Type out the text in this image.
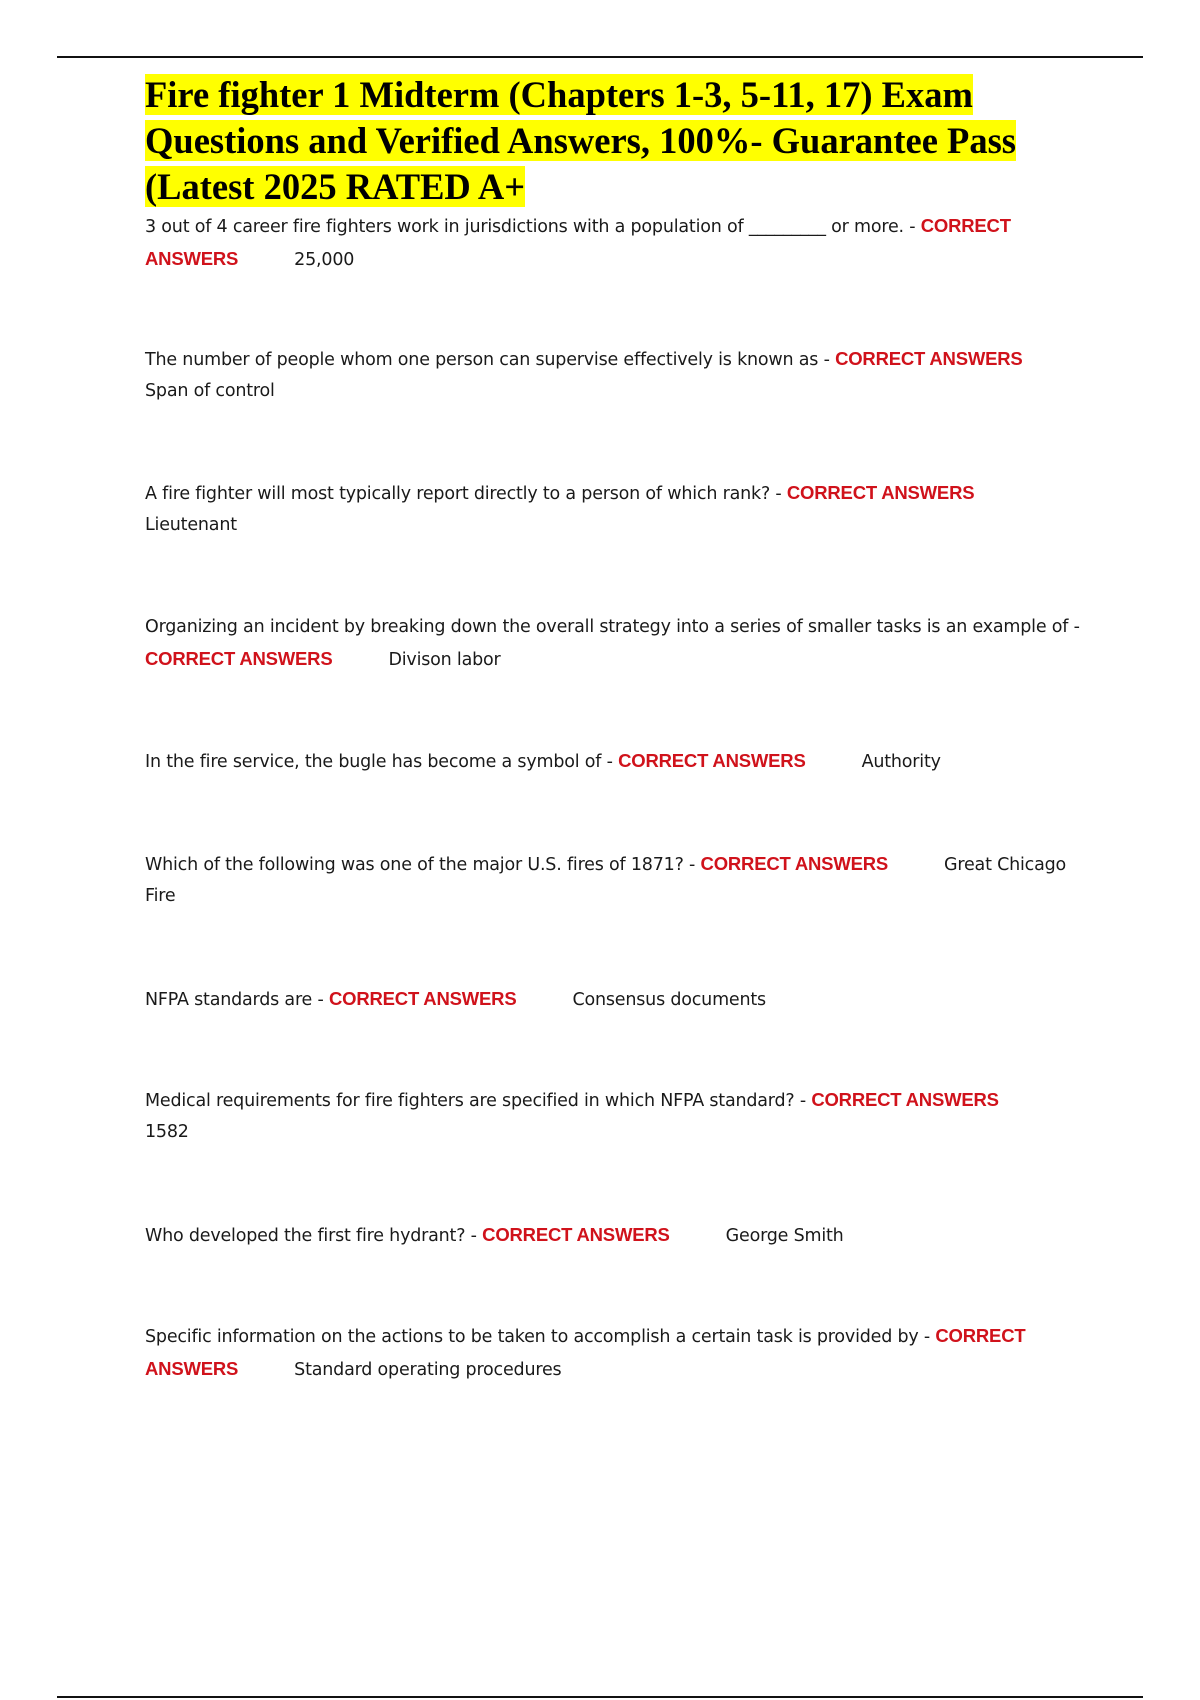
Fire fighter 1 Midterm (Chapters 1-3, 5-11, 17) Exam Questions and Verified Answers, 100%- Guarantee Pass (Latest 2025 RATED A+

3 out of 4 career fire fighters work in jurisdictions with a population of _________ or more. - CORRECT ANSWERS	25,000

The number of people whom one person can supervise effectively is known as - CORRECT ANSWERS
Span of control

A fire fighter will most typically report directly to a person of which rank? - CORRECT ANSWERS
Lieutenant

Organizing an incident by breaking down the overall strategy into a series of smaller tasks is an example of - CORRECT ANSWERS	Divison labor

In the fire service, the bugle has become a symbol of - CORRECT ANSWERS	Authority

Which of the following was one of the major U.S. fires of 1871? - CORRECT ANSWERS	Great Chicago Fire

NFPA standards are - CORRECT ANSWERS	Consensus documents

Medical requirements for fire fighters are specified in which NFPA standard? - CORRECT ANSWERS
1582

Who developed the first fire hydrant? - CORRECT ANSWERS	George Smith

Specific information on the actions to be taken to accomplish a certain task is provided by - CORRECT ANSWERS	Standard operating procedures
